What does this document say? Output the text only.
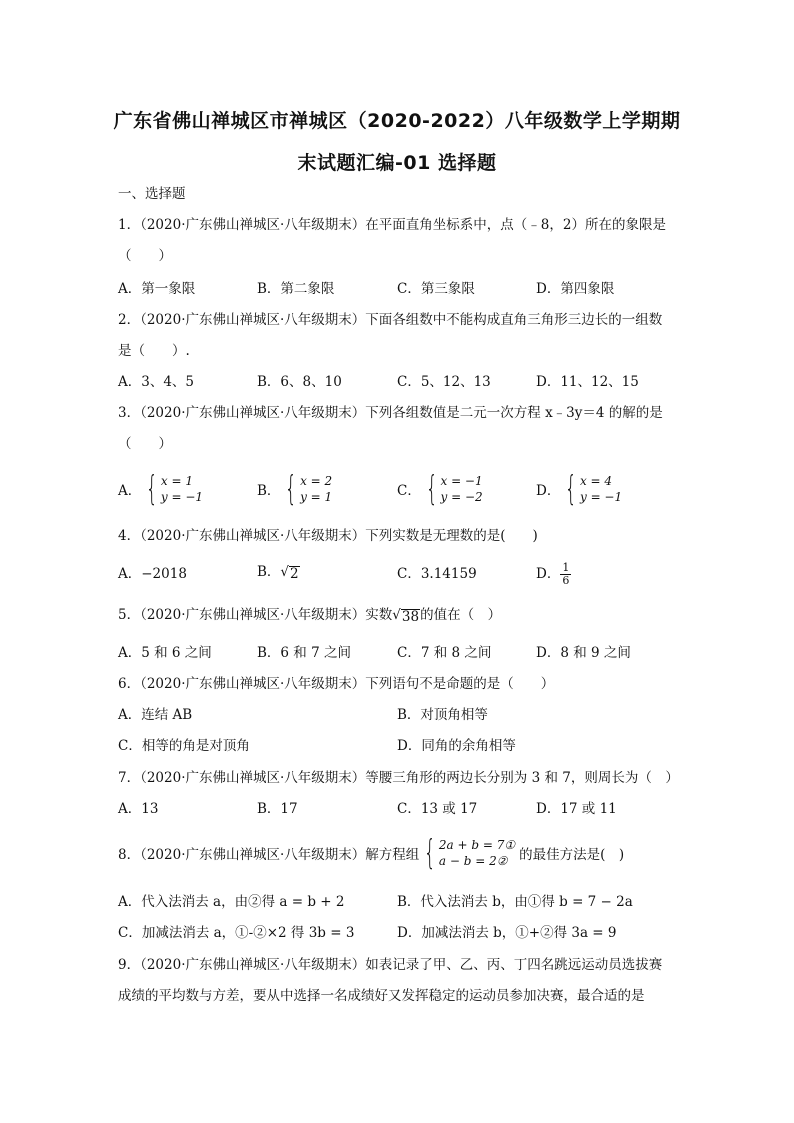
广东省佛山禅城区市禅城区（2020-2022）八年级数学上学期期
末试题汇编-01 选择题
一、选择题
1．（2020·广东佛山禅城区·八年级期末）在平面直角坐标系中，点（﹣8，2）所在的象限是
（　　）
A．第一象限	B．第二象限	C．第三象限	D．第四象限
2．（2020·广东佛山禅城区·八年级期末）下面各组数中不能构成直角三角形三边长的一组数
是（　　）.
A．3、4、5	B．6、8、10	C．5、12、13	D．11、12、15
3．（2020·广东佛山禅城区·八年级期末）下列各组数值是二元一次方程 x﹣3y＝4 的解的是
（　　）
A． { x = 1
y = −1	B． { x = 2
y = 1	C． { x = −1
y = −2	D． { x = 4
y = −1
4．（2020·广东佛山禅城区·八年级期末）下列实数是无理数的是(　　)
A．−2018	B．√ 2	C．3.14159	D． $\frac{1}{6}$
5．（2020·广东佛山禅城区·八年级期末）实数√ 38 的值在（　）
A．5 和 6 之间	B．6 和 7 之间	C．7 和 8 之间	D．8 和 9 之间
6．（2020·广东佛山禅城区·八年级期末）下列语句不是命题的是（　　）
A．连结 AB	B．对顶角相等
C．相等的角是对顶角	D．同角的余角相等
7．（2020·广东佛山禅城区·八年级期末）等腰三角形的两边长分别为 3 和 7，则周长为（　）
A．13	B．17	C．13 或 17	D．17 或 11
8．（2020·广东佛山禅城区·八年级期末）解方程组 { 2a + b = 7①
a − b = 2② 的最佳方法是(　)
A．代入法消去 a，由②得 a = b + 2	B．代入法消去 b，由①得 b = 7 − 2a
C．加减法消去 a，①-②×2 得 3b = 3	D．加减法消去 b，①+②得 3a = 9
9．（2020·广东佛山禅城区·八年级期末）如表记录了甲、乙、丙、丁四名跳远运动员选拔赛
成绩的平均数与方差，要从中选择一名成绩好又发挥稳定的运动员参加决赛，最合适的是
